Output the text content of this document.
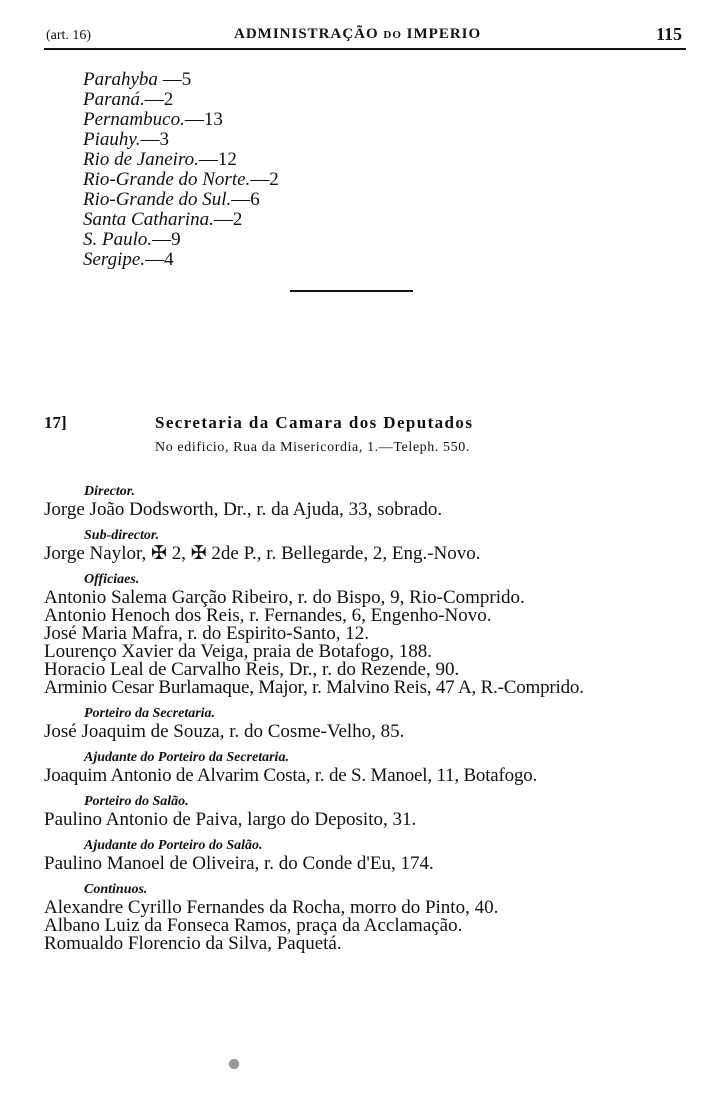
(art. 16)	ADMINISTRAÇÃO do IMPERIO	115
Parahyba —5
Paraná.—2
Pernambuco.—13
Piauhy.—3
Rio de Janeiro.—12
Rio-Grande do Norte.—2
Rio-Grande do Sul.—6
Santa Catharina.—2
S. Paulo.—9
Sergipe.—4
17]	Secretaria da Camara dos Deputados
No edificio, Rua da Misericordia, 1.—Teleph. 550.
Director.
Jorge João Dodsworth, Dr., r. da Ajuda, 33, sobrado.
Sub-director.
Jorge Naylor, ✠ 2, ✠ 2de P., r. Bellegarde, 2, Eng.-Novo.
Officiaes.
Antonio Salema Garção Ribeiro, r. do Bispo, 9, Rio-Comprido.
Antonio Henoch dos Reis, r. Fernandes, 6, Engenho-Novo.
José Maria Mafra, r. do Espirito-Santo, 12.
Lourenço Xavier da Veiga, praia de Botafogo, 188.
Horacio Leal de Carvalho Reis, Dr., r. do Rezende, 90.
Arminio Cesar Burlamaque, Major, r. Malvino Reis, 47 A, R.-Comprido.
Porteiro da Secretaria.
José Joaquim de Souza, r. do Cosme-Velho, 85.
Ajudante do Porteiro da Secretaria.
Joaquim Antonio de Alvarim Costa, r. de S. Manoel, 11, Botafogo.
Porteiro do Salão.
Paulino Antonio de Paiva, largo do Deposito, 31.
Ajudante do Porteiro do Salão.
Paulino Manoel de Oliveira, r. do Conde d'Eu, 174.
Continuos.
Alexandre Cyrillo Fernandes da Rocha, morro do Pinto, 40.
Albano Luiz da Fonseca Ramos, praça da Acclamação.
Romualdo Florencio da Silva, Paquetá.
